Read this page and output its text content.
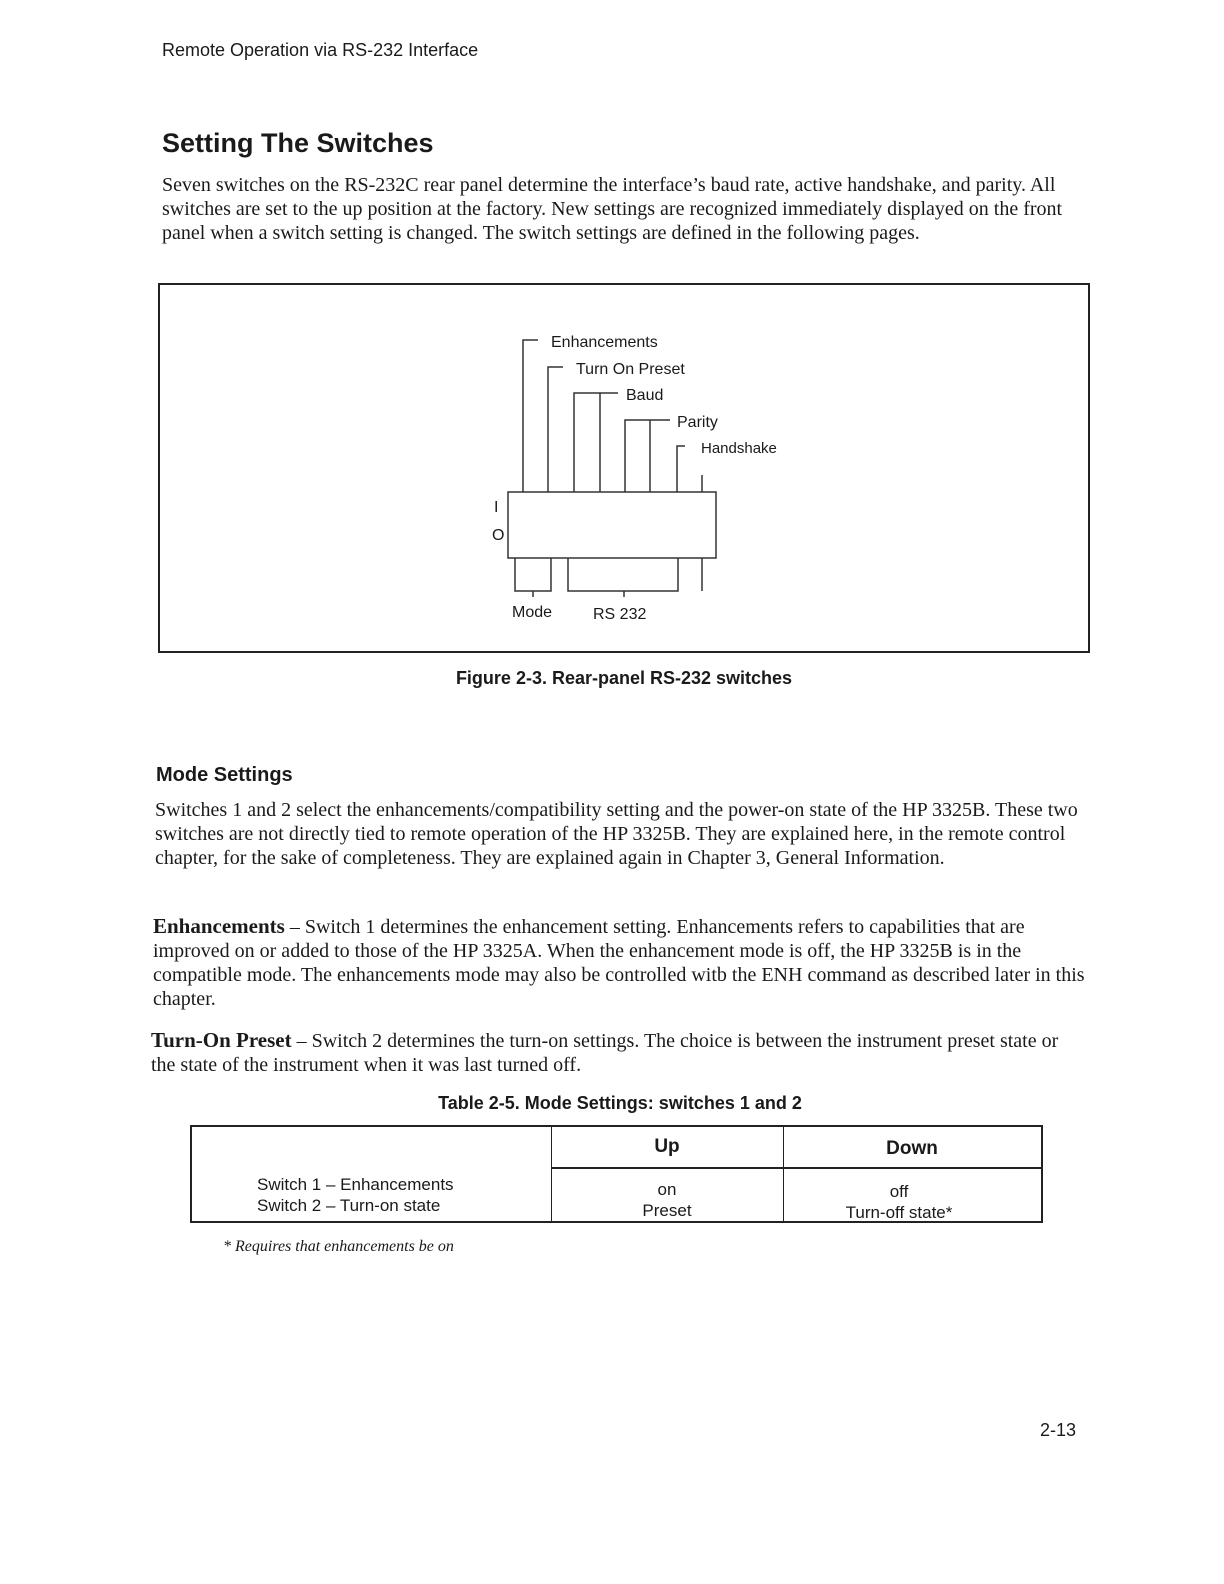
Remote Operation via RS-232 Interface
Setting The Switches

Seven switches on the RS-232C rear panel determine the interface’s baud rate, active handshake, and parity. All switches are set to the up position at the factory. New settings are recognized immediately displayed on the front panel when a switch setting is changed. The switch settings are defined in the following pages.

Enhancements
Turn On Preset
Baud
Parity
Handshake
I
O
Mode	RS 232
Figure 2-3. Rear-panel RS-232 switches
Mode Settings

Switches 1 and 2 select the enhancements/compatibility setting and the power-on state of the HP 3325B. These two switches are not directly tied to remote operation of the HP 3325B. They are explained here, in the remote control chapter, for the sake of completeness. They are explained again in Chapter 3, General Information.

Enhancements – Switch 1 determines the enhancement setting. Enhancements refers to capabilities that are improved on or added to those of the HP 3325A. When the enhancement mode is off, the HP 3325B is in the compatible mode. The enhancements mode may also be controlled witb the ENH command as described later in this chapter.

Turn-On Preset – Switch 2 determines the turn-on settings. The choice is between the instrument preset state or the state of the instrument when it was last turned off.

Table 2-5. Mode Settings: switches 1 and 2
Up	Down
Switch 1 – Enhancements
Switch 2 – Turn-on state
on
Preset
off
Turn-off state*
* Requires that enhancements be on
2-13
